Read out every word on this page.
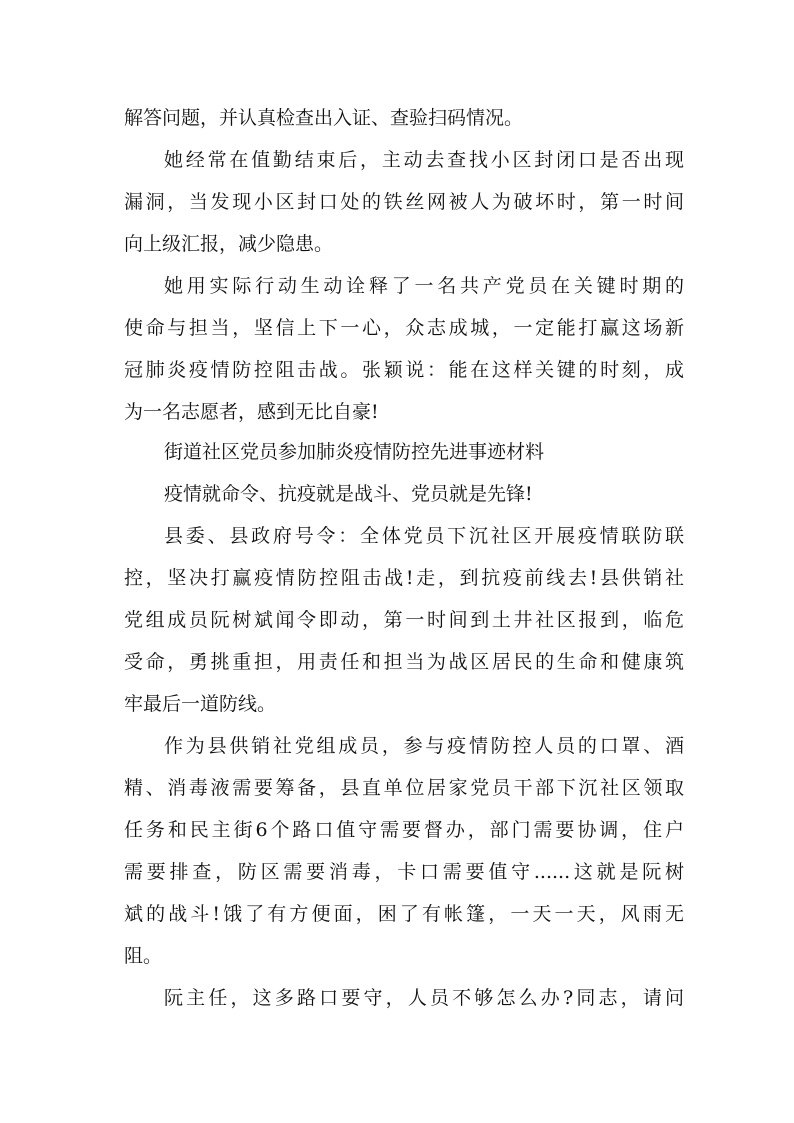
解答问题，并认真检查出入证、查验扫码情况。
她经常在值勤结束后，主动去查找小区封闭口是否出现
漏洞，当发现小区封口处的铁丝网被人为破坏时，第一时间
向上级汇报，减少隐患。
她用实际行动生动诠释了一名共产党员在关键时期的
使命与担当，坚信上下一心，众志成城，一定能打赢这场新
冠肺炎疫情防控阻击战。张颖说：能在这样关键的时刻，成
为一名志愿者，感到无比自豪!
街道社区党员参加肺炎疫情防控先进事迹材料
疫情就命令、抗疫就是战斗、党员就是先锋!
县委、县政府号令：全体党员下沉社区开展疫情联防联
控，坚决打赢疫情防控阻击战!走，到抗疫前线去!县供销社
党组成员阮树斌闻令即动，第一时间到土井社区报到，临危
受命，勇挑重担，用责任和担当为战区居民的生命和健康筑
牢最后一道防线。
作为县供销社党组成员，参与疫情防控人员的口罩、酒
精、消毒液需要筹备，县直单位居家党员干部下沉社区领取
任务和民主街6个路口值守需要督办，部门需要协调，住户
需要排查，防区需要消毒，卡口需要值守......这就是阮树
斌的战斗!饿了有方便面，困了有帐篷，一天一天，风雨无
阻。
阮主任，这多路口要守，人员不够怎么办?同志，请问
